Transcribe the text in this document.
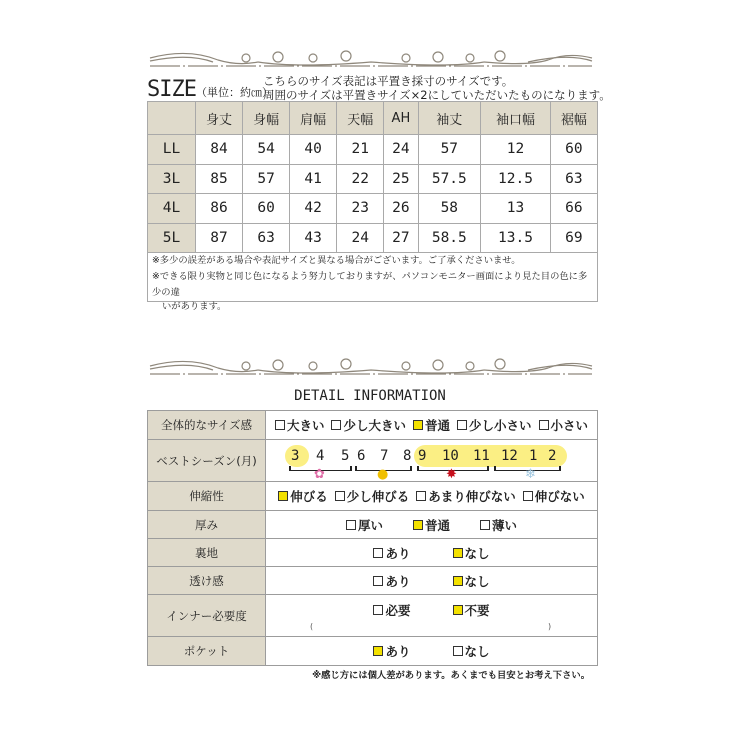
SIZE （単位：約㎝）
こちらのサイズ表記は平置き採寸のサイズです。
周囲のサイズは平置きサイズ×2にしていただいたものになります。
	身丈	身幅	肩幅	天幅	AH	袖丈	袖口幅	裾幅
LL	84	54	40	21	24	57	12	60
3L	85	57	41	22	25	57.5	12.5	63
4L	86	60	42	23	26	58	13	66
5L	87	63	43	24	27	58.5	13.5	69
※多少の誤差がある場合や表記サイズと異なる場合がございます。ご了承くださいませ。
※できる限り実物と同じ色になるよう努力しておりますが、パソコンモニター画面により見た目の色に多少の違
いがあります。
DETAIL INFORMATION
全体的なサイズ感	大きい 少し大きい 普通 少し小さい 小さい

ベストシーズン(月)	3 4 5 6 7 8 9 10 11 12 1 2
✿	●	✸	❄

伸縮性	伸びる 少し伸びる あまり伸びない 伸びない

厚み	厚い 普通 薄い

裏地	あり なし

透け感	あり なし

インナー必要度	必要 不要
( )

ポケット	あり なし
※感じ方には個人差があります。あくまでも目安とお考え下さい。
